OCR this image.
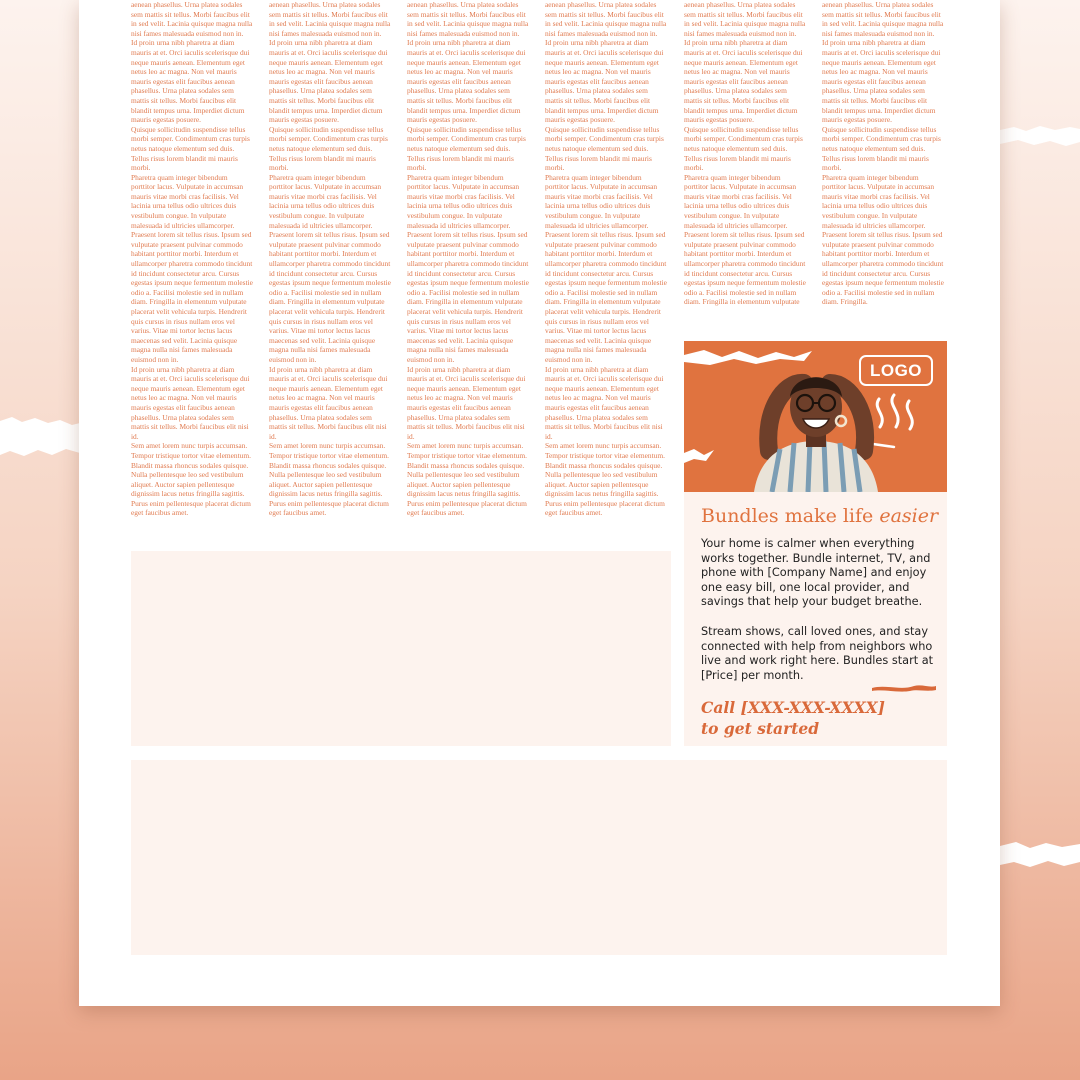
aenean phasellus. Urna platea sodales sem mattis sit tellus. Morbi faucibus elit in sed velit. Lacinia quisque magna nulla nisi fames malesuada euismod non in.

Id proin urna nibh pharetra at diam mauris at et. Orci iaculis scelerisque dui neque mauris aenean. Elementum eget netus leo ac magna. Non vel mauris mauris egestas elit faucibus aenean phasellus. Urna platea sodales sem mattis sit tellus. Morbi faucibus elit blandit tempus urna. Imperdiet dictum mauris egestas posuere.

Quisque sollicitudin suspendisse tellus morbi semper. Condimentum cras turpis netus natoque elementum sed duis. Tellus risus lorem blandit mi mauris morbi.

Pharetra quam integer bibendum porttitor lacus. Vulputate in accumsan mauris vitae morbi cras facilisis. Vel lacinia urna tellus odio ultrices duis vestibulum congue. In vulputate malesuada id ultricies ullamcorper. Praesent lorem sit tellus risus. Ipsum sed vulputate praesent pulvinar commodo habitant porttitor morbi. Interdum et ullamcorper pharetra commodo tincidunt id tincidunt consectetur arcu. Cursus egestas ipsum neque fermentum molestie odio a. Facilisi molestie sed in nullam diam. Fringilla in elementum vulputate placerat velit vehicula turpis. Hendrerit quis cursus in risus nullam eros vel varius. Vitae mi tortor lectus lacus maecenas sed velit. Lacinia quisque magna nulla nisi fames malesuada euismod non in.

Id proin urna nibh pharetra at diam mauris at et. Orci iaculis scelerisque dui neque mauris aenean. Elementum eget netus leo ac magna. Non vel mauris mauris egestas elit faucibus aenean phasellus. Urna platea sodales sem mattis sit tellus. Morbi faucibus elit nisi id.

Sem amet lorem nunc turpis accumsan. Tempor tristique tortor vitae elementum. Blandit massa rhoncus sodales quisque. Nulla pellentesque leo sed vestibulum aliquet. Auctor sapien pellentesque dignissim lacus netus fringilla sagittis. Purus enim pellentesque placerat dictum eget faucibus amet.

aenean phasellus. Urna platea sodales sem mattis sit tellus. Morbi faucibus elit in sed velit. Lacinia quisque magna nulla nisi fames malesuada euismod non in.

Id proin urna nibh pharetra at diam mauris at et. Orci iaculis scelerisque dui neque mauris aenean. Elementum eget netus leo ac magna. Non vel mauris mauris egestas elit faucibus aenean phasellus. Urna platea sodales sem mattis sit tellus. Morbi faucibus elit blandit tempus urna. Imperdiet dictum mauris egestas posuere.

Quisque sollicitudin suspendisse tellus morbi semper. Condimentum cras turpis netus natoque elementum sed duis. Tellus risus lorem blandit mi mauris morbi.

Pharetra quam integer bibendum porttitor lacus. Vulputate in accumsan mauris vitae morbi cras facilisis. Vel lacinia urna tellus odio ultrices duis vestibulum congue. In vulputate malesuada id ultricies ullamcorper. Praesent lorem sit tellus risus. Ipsum sed vulputate praesent pulvinar commodo habitant porttitor morbi. Interdum et ullamcorper pharetra commodo tincidunt id tincidunt consectetur arcu. Cursus egestas ipsum neque fermentum molestie odio a. Facilisi molestie sed in nullam diam. Fringilla in elementum vulputate placerat velit vehicula turpis. Hendrerit quis cursus in risus nullam eros vel varius. Vitae mi tortor lectus lacus maecenas sed velit. Lacinia quisque magna nulla nisi fames malesuada euismod non in.

Id proin urna nibh pharetra at diam mauris at et. Orci iaculis scelerisque dui neque mauris aenean. Elementum eget netus leo ac magna. Non vel mauris mauris egestas elit faucibus aenean phasellus. Urna platea sodales sem mattis sit tellus. Morbi faucibus elit nisi id.

Sem amet lorem nunc turpis accumsan. Tempor tristique tortor vitae elementum. Blandit massa rhoncus sodales quisque. Nulla pellentesque leo sed vestibulum aliquet. Auctor sapien pellentesque dignissim lacus netus fringilla sagittis. Purus enim pellentesque placerat dictum eget faucibus amet.

aenean phasellus. Urna platea sodales sem mattis sit tellus. Morbi faucibus elit in sed velit. Lacinia quisque magna nulla nisi fames malesuada euismod non in.

Id proin urna nibh pharetra at diam mauris at et. Orci iaculis scelerisque dui neque mauris aenean. Elementum eget netus leo ac magna. Non vel mauris mauris egestas elit faucibus aenean phasellus. Urna platea sodales sem mattis sit tellus. Morbi faucibus elit blandit tempus urna. Imperdiet dictum mauris egestas posuere.

Quisque sollicitudin suspendisse tellus morbi semper. Condimentum cras turpis netus natoque elementum sed duis. Tellus risus lorem blandit mi mauris morbi.

Pharetra quam integer bibendum porttitor lacus. Vulputate in accumsan mauris vitae morbi cras facilisis. Vel lacinia urna tellus odio ultrices duis vestibulum congue. In vulputate malesuada id ultricies ullamcorper. Praesent lorem sit tellus risus. Ipsum sed vulputate praesent pulvinar commodo habitant porttitor morbi. Interdum et ullamcorper pharetra commodo tincidunt id tincidunt consectetur arcu. Cursus egestas ipsum neque fermentum molestie odio a. Facilisi molestie sed in nullam diam. Fringilla in elementum vulputate placerat velit vehicula turpis. Hendrerit quis cursus in risus nullam eros vel varius. Vitae mi tortor lectus lacus maecenas sed velit. Lacinia quisque magna nulla nisi fames malesuada euismod non in.

Id proin urna nibh pharetra at diam mauris at et. Orci iaculis scelerisque dui neque mauris aenean. Elementum eget netus leo ac magna. Non vel mauris mauris egestas elit faucibus aenean phasellus. Urna platea sodales sem mattis sit tellus. Morbi faucibus elit nisi id.

Sem amet lorem nunc turpis accumsan. Tempor tristique tortor vitae elementum. Blandit massa rhoncus sodales quisque. Nulla pellentesque leo sed vestibulum aliquet. Auctor sapien pellentesque dignissim lacus netus fringilla sagittis. Purus enim pellentesque placerat dictum eget faucibus amet.

aenean phasellus. Urna platea sodales sem mattis sit tellus. Morbi faucibus elit in sed velit. Lacinia quisque magna nulla nisi fames malesuada euismod non in.

Id proin urna nibh pharetra at diam mauris at et. Orci iaculis scelerisque dui neque mauris aenean. Elementum eget netus leo ac magna. Non vel mauris mauris egestas elit faucibus aenean phasellus. Urna platea sodales sem mattis sit tellus. Morbi faucibus elit blandit tempus urna. Imperdiet dictum mauris egestas posuere.

Quisque sollicitudin suspendisse tellus morbi semper. Condimentum cras turpis netus natoque elementum sed duis. Tellus risus lorem blandit mi mauris morbi.

Pharetra quam integer bibendum porttitor lacus. Vulputate in accumsan mauris vitae morbi cras facilisis. Vel lacinia urna tellus odio ultrices duis vestibulum congue. In vulputate malesuada id ultricies ullamcorper. Praesent lorem sit tellus risus. Ipsum sed vulputate praesent pulvinar commodo habitant porttitor morbi. Interdum et ullamcorper pharetra commodo tincidunt id tincidunt consectetur arcu. Cursus egestas ipsum neque fermentum molestie odio a. Facilisi molestie sed in nullam diam. Fringilla in elementum vulputate placerat velit vehicula turpis. Hendrerit quis cursus in risus nullam eros vel varius. Vitae mi tortor lectus lacus maecenas sed velit. Lacinia quisque magna nulla nisi fames malesuada euismod non in.

Id proin urna nibh pharetra at diam mauris at et. Orci iaculis scelerisque dui neque mauris aenean. Elementum eget netus leo ac magna. Non vel mauris mauris egestas elit faucibus aenean phasellus. Urna platea sodales sem mattis sit tellus. Morbi faucibus elit nisi id.

Sem amet lorem nunc turpis accumsan. Tempor tristique tortor vitae elementum. Blandit massa rhoncus sodales quisque. Nulla pellentesque leo sed vestibulum aliquet. Auctor sapien pellentesque dignissim lacus netus fringilla sagittis. Purus enim pellentesque placerat dictum eget faucibus amet.

aenean phasellus. Urna platea sodales sem mattis sit tellus. Morbi faucibus elit in sed velit. Lacinia quisque magna nulla nisi fames malesuada euismod non in.

Id proin urna nibh pharetra at diam mauris at et. Orci iaculis scelerisque dui neque mauris aenean. Elementum eget netus leo ac magna. Non vel mauris mauris egestas elit faucibus aenean phasellus. Urna platea sodales sem mattis sit tellus. Morbi faucibus elit blandit tempus urna. Imperdiet dictum mauris egestas posuere.

Quisque sollicitudin suspendisse tellus morbi semper. Condimentum cras turpis netus natoque elementum sed duis. Tellus risus lorem blandit mi mauris morbi.

Pharetra quam integer bibendum porttitor lacus. Vulputate in accumsan mauris vitae morbi cras facilisis. Vel lacinia urna tellus odio ultrices duis vestibulum congue. In vulputate malesuada id ultricies ullamcorper. Praesent lorem sit tellus risus. Ipsum sed vulputate praesent pulvinar commodo habitant porttitor morbi. Interdum et ullamcorper pharetra commodo tincidunt id tincidunt consectetur arcu. Cursus egestas ipsum neque fermentum molestie odio a. Facilisi molestie sed in nullam diam. Fringilla in elementum vulputate

aenean phasellus. Urna platea sodales sem mattis sit tellus. Morbi faucibus elit in sed velit. Lacinia quisque magna nulla nisi fames malesuada euismod non in.

Id proin urna nibh pharetra at diam mauris at et. Orci iaculis scelerisque dui neque mauris aenean. Elementum eget netus leo ac magna. Non vel mauris mauris egestas elit faucibus aenean phasellus. Urna platea sodales sem mattis sit tellus. Morbi faucibus elit blandit tempus urna. Imperdiet dictum mauris egestas posuere.

Quisque sollicitudin suspendisse tellus morbi semper. Condimentum cras turpis netus natoque elementum sed duis. Tellus risus lorem blandit mi mauris morbi.

Pharetra quam integer bibendum porttitor lacus. Vulputate in accumsan mauris vitae morbi cras facilisis. Vel lacinia urna tellus odio ultrices duis vestibulum congue. In vulputate malesuada id ultricies ullamcorper. Praesent lorem sit tellus risus. Ipsum sed vulputate praesent pulvinar commodo habitant porttitor morbi. Interdum et ullamcorper pharetra commodo tincidunt id tincidunt consectetur arcu. Cursus egestas ipsum neque fermentum molestie odio a. Facilisi molestie sed in nullam diam. Fringilla.

LOGO
Bundles make life easier

Your home is calmer when everything works together. Bundle internet, TV, and phone with [Company Name] and enjoy one easy bill, one local provider, and savings that help your budget breathe.

Stream shows, call loved ones, and stay connected with help from neighbors who live and work right here. Bundles start at [Price] per month.

Call [XXX-XXX-XXXX]
to get started
